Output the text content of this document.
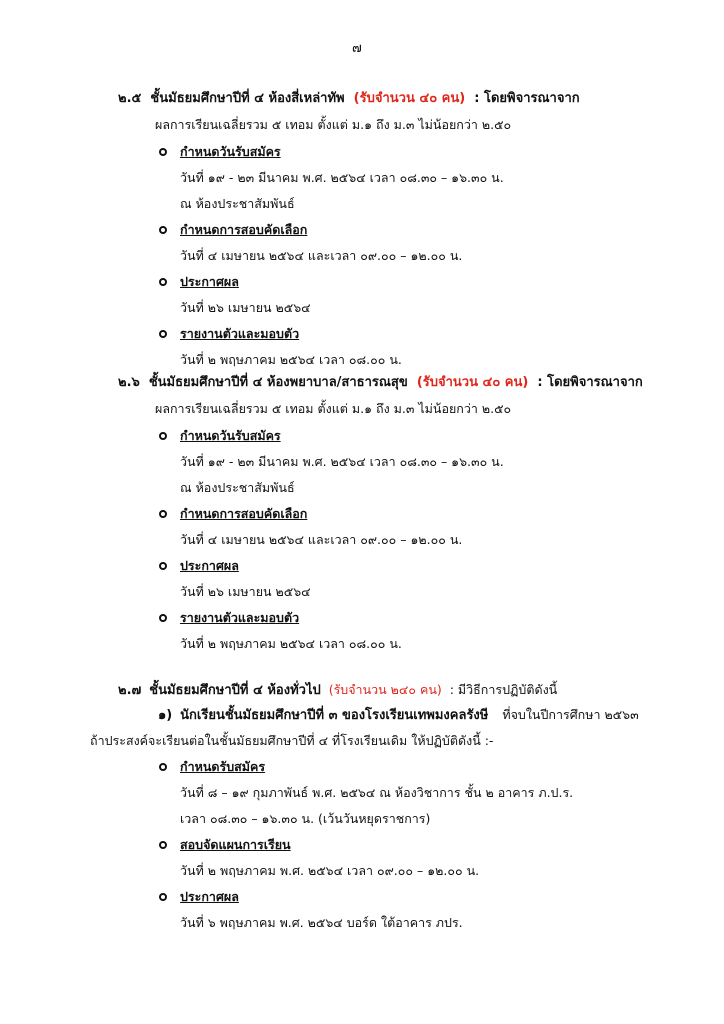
๗
๒.๕ ชั้นมัธยมศึกษาปีที่ ๔ ห้องสี่เหล่าทัพ (รับจำนวน ๔๐ คน) : โดยพิจารณาจาก
ผลการเรียนเฉลี่ยรวม ๕ เทอม ตั้งแต่ ม.๑ ถึง ม.๓ ไม่น้อยกว่า ๒.๕๐
กำหนดวันรับสมัคร
วันที่ ๑๙ - ๒๓ มีนาคม พ.ศ. ๒๕๖๔ เวลา ๐๘.๓๐ – ๑๖.๓๐ น.
ณ ห้องประชาสัมพันธ์
กำหนดการสอบคัดเลือก
วันที่ ๔ เมษายน ๒๕๖๔ และเวลา ๐๙.๐๐ – ๑๒.๐๐ น.
ประกาศผล
วันที่ ๒๖ เมษายน ๒๕๖๔
รายงานตัวและมอบตัว
วันที่ ๒ พฤษภาคม ๒๕๖๔ เวลา ๐๘.๐๐ น.
๒.๖ ชั้นมัธยมศึกษาปีที่ ๔ ห้องพยาบาล/สาธารณสุข (รับจำนวน ๔๐ คน) : โดยพิจารณาจาก
ผลการเรียนเฉลี่ยรวม ๕ เทอม ตั้งแต่ ม.๑ ถึง ม.๓ ไม่น้อยกว่า ๒.๕๐
กำหนดวันรับสมัคร
วันที่ ๑๙ - ๒๓ มีนาคม พ.ศ. ๒๕๖๔ เวลา ๐๘.๓๐ – ๑๖.๓๐ น.
ณ ห้องประชาสัมพันธ์
กำหนดการสอบคัดเลือก
วันที่ ๔ เมษายน ๒๕๖๔ และเวลา ๐๙.๐๐ – ๑๒.๐๐ น.
ประกาศผล
วันที่ ๒๖ เมษายน ๒๕๖๔
รายงานตัวและมอบตัว
วันที่ ๒ พฤษภาคม ๒๕๖๔ เวลา ๐๘.๐๐ น.
๒.๗ ชั้นมัธยมศึกษาปีที่ ๔ ห้องทั่วไป (รับจำนวน ๒๔๐ คน) : มีวิธีการปฏิบัติดังนี้
๑) นักเรียนชั้นมัธยมศึกษาปีที่ ๓ ของโรงเรียนเทพมงคลรังษี ที่จบในปีการศึกษา ๒๕๖๓
ถ้าประสงค์จะเรียนต่อในชั้นมัธยมศึกษาปีที่ ๔ ที่โรงเรียนเดิม ให้ปฏิบัติดังนี้ :-
กำหนดรับสมัคร
วันที่ ๘ – ๑๙ กุมภาพันธ์ พ.ศ. ๒๕๖๔ ณ ห้องวิชาการ ชั้น ๒ อาคาร ภ.ป.ร.
เวลา ๐๘.๓๐ – ๑๖.๓๐ น. (เว้นวันหยุดราชการ)
สอบจัดแผนการเรียน
วันที่ ๒ พฤษภาคม พ.ศ. ๒๕๖๔ เวลา ๐๙.๐๐ – ๑๒.๐๐ น.
ประกาศผล
วันที่ ๖ พฤษภาคม พ.ศ. ๒๕๖๔ บอร์ด ใต้อาคาร ภปร.
